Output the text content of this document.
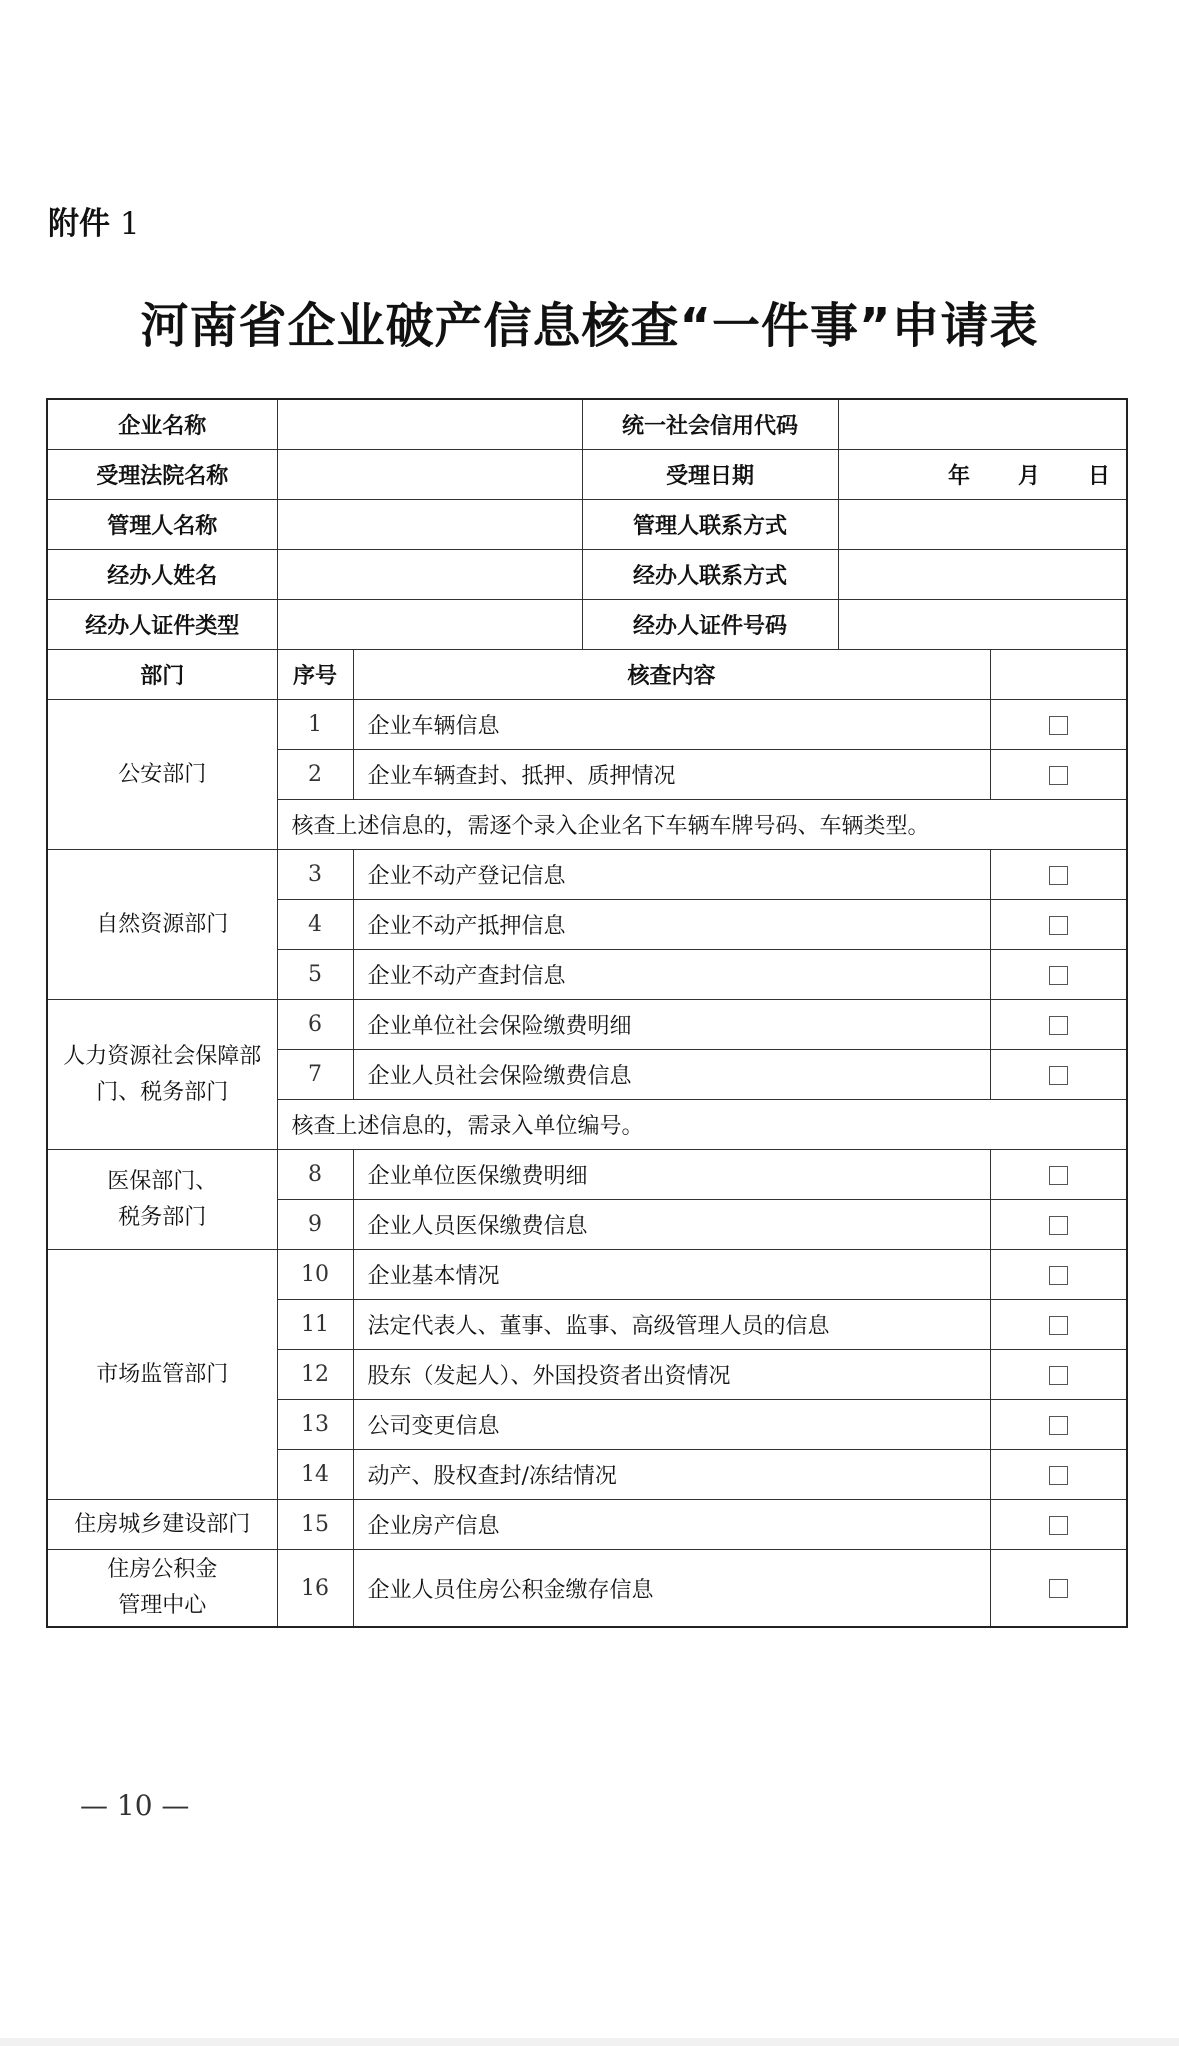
附件 1
河南省企业破产信息核查“一件事”申请表
企业名称			统一社会信用代码		
受理法院名称			受理日期	年 月 日	
管理人名称			管理人联系方式		
经办人姓名			经办人联系方式		
经办人证件类型			经办人证件号码		
部门	序号	核查内容			
公安部门	1	企业车辆信息			
	2	企业车辆查封、抵押、质押情况			
	核查上述信息的，需逐个录入企业名下车辆车牌号码、车辆类型。				
自然资源部门	3	企业不动产登记信息			
	4	企业不动产抵押信息			
	5	企业不动产查封信息			
人力资源社会保障部门、税务部门	6	企业单位社会保险缴费明细			
	7	企业人员社会保险缴费信息			
	核查上述信息的，需录入单位编号。				
医保部门、税务部门	8	企业单位医保缴费明细			
	9	企业人员医保缴费信息			
市场监管部门	10	企业基本情况			
	11	法定代表人、董事、监事、高级管理人员的信息			
	12	股东（发起人）、外国投资者出资情况			
	13	公司变更信息			
	14	动产、股权查封/冻结情况			
住房城乡建设部门	15	企业房产信息			
住房公积金管理中心	16	企业人员住房公积金缴存信息			
— 10 —
